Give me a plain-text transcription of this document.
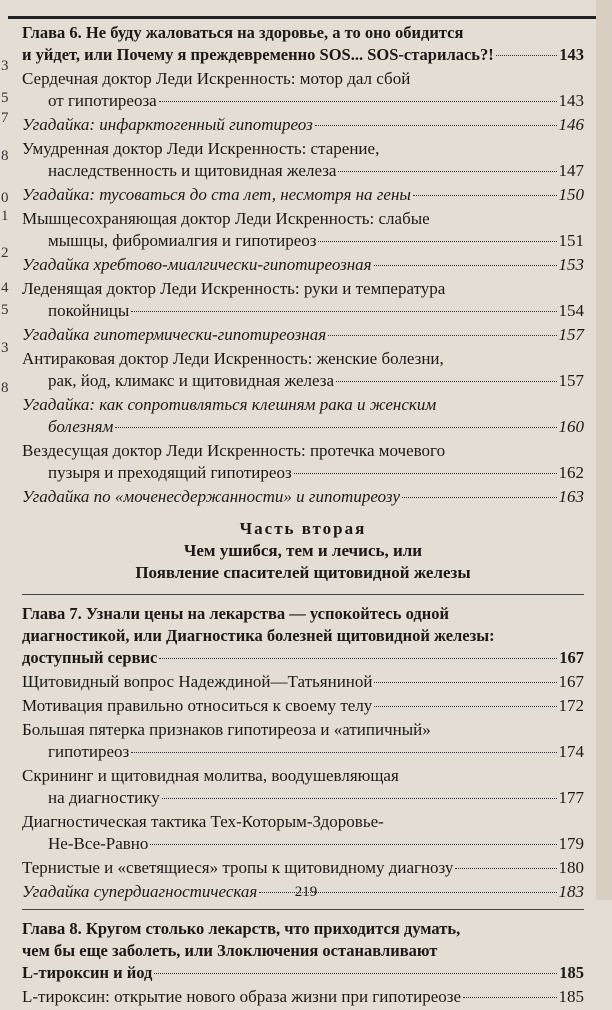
3
5
7
8
0
1
2
4
5
3
8
Глава 6. Не буду жаловаться на здоровье, а то оно обидится
и уйдет, или Почему я преждевременно SOS... SOS-старилась?!	143
Сердечная доктор Леди Искренность: мотор дал сбой
от гипотиреоза	143
Угадайка: инфарктогенный гипотиреоз	146
Умудренная доктор Леди Искренность: старение,
наследственность и щитовидная железа	147
Угадайка: тусоваться до ста лет, несмотря на гены	150
Мышцесохраняющая доктор Леди Искренность: слабые
мышцы, фибромиалгия и гипотиреоз	151
Угадайка хребтово-миалгически-гипотиреозная	153
Леденящая доктор Леди Искренность: руки и температура
покойницы	154
Угадайка гипотермически-гипотиреозная	157
Антираковая доктор Леди Искренность: женские болезни,
рак, йод, климакс и щитовидная железа	157
Угадайка: как сопротивляться клешням рака и женским
болезням	160
Вездесущая доктор Леди Искренность: протечка мочевого
пузыря и преходящий гипотиреоз	162
Угадайка по «моченесдержанности» и гипотиреозу	163
Часть вторая
Чем ушибся, тем и лечись, или
Появление спасителей щитовидной железы
Глава 7. Узнали цены на лекарства — успокойтесь одной
диагностикой, или Диагностика болезней щитовидной железы:
доступный сервис	167
Щитовидный вопрос Надеждиной—Татьяниной	167
Мотивация правильно относиться к своему телу	172
Большая пятерка признаков гипотиреоза и «атипичный»
гипотиреоз	174
Скрининг и щитовидная молитва, воодушевляющая
на диагностику	177
Диагностическая тактика Тех-Которым-Здоровье-
Не-Все-Равно	179
Тернистые и «светящиеся» тропы к щитовидному диагнозу	180
Угадайка супердиагностическая	183
Глава 8. Кругом столько лекарств, что приходится думать,
чем бы еще заболеть, или Злоключения останавливают
L-тироксин и йод	185
L-тироксин: открытие нового образа жизни при гипотиреозе	185
219
